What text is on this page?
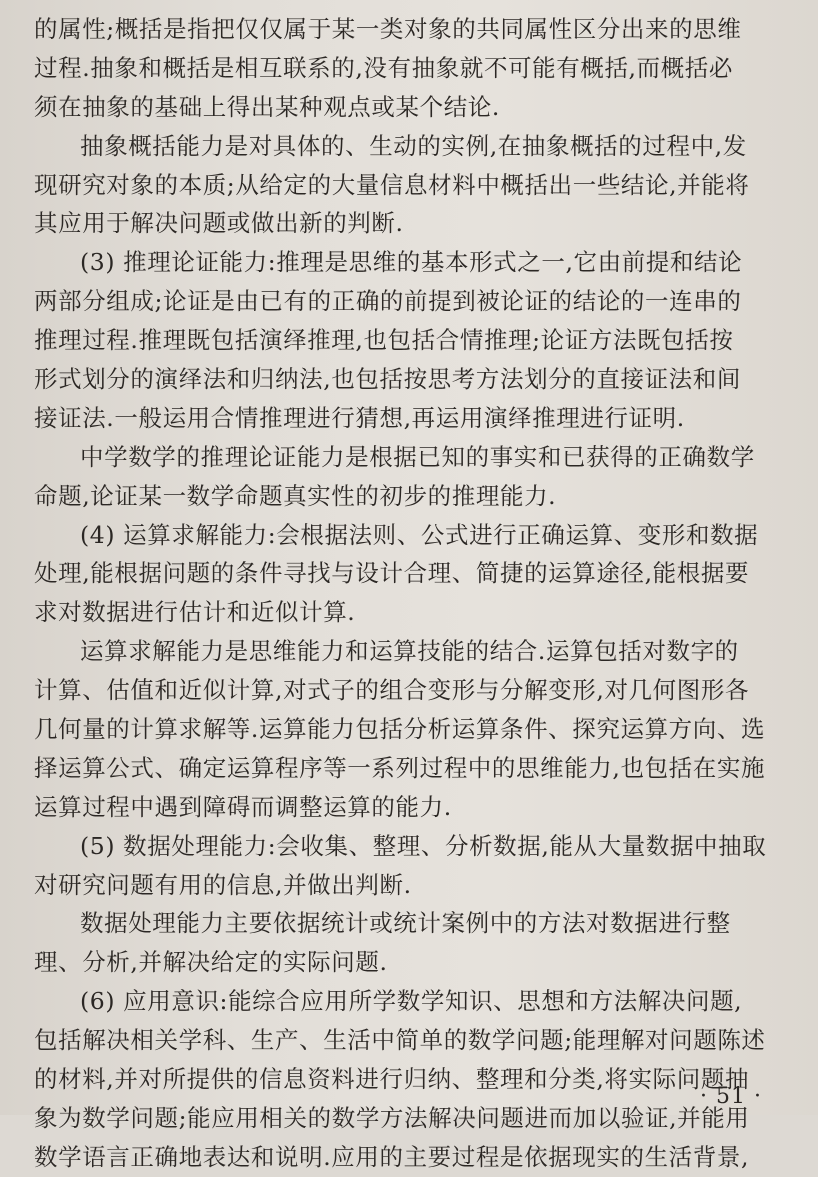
的属性;概括是指把仅仅属于某一类对象的共同属性区分出来的思维
过程.抽象和概括是相互联系的,没有抽象就不可能有概括,而概括必
须在抽象的基础上得出某种观点或某个结论.
抽象概括能力是对具体的、生动的实例,在抽象概括的过程中,发
现研究对象的本质;从给定的大量信息材料中概括出一些结论,并能将
其应用于解决问题或做出新的判断.
(3) 推理论证能力:推理是思维的基本形式之一,它由前提和结论
两部分组成;论证是由已有的正确的前提到被论证的结论的一连串的
推理过程.推理既包括演绎推理,也包括合情推理;论证方法既包括按
形式划分的演绎法和归纳法,也包括按思考方法划分的直接证法和间
接证法.一般运用合情推理进行猜想,再运用演绎推理进行证明.
中学数学的推理论证能力是根据已知的事实和已获得的正确数学
命题,论证某一数学命题真实性的初步的推理能力.
(4) 运算求解能力:会根据法则、公式进行正确运算、变形和数据
处理,能根据问题的条件寻找与设计合理、简捷的运算途径,能根据要
求对数据进行估计和近似计算.
运算求解能力是思维能力和运算技能的结合.运算包括对数字的
计算、估值和近似计算,对式子的组合变形与分解变形,对几何图形各
几何量的计算求解等.运算能力包括分析运算条件、探究运算方向、选
择运算公式、确定运算程序等一系列过程中的思维能力,也包括在实施
运算过程中遇到障碍而调整运算的能力.
(5) 数据处理能力:会收集、整理、分析数据,能从大量数据中抽取
对研究问题有用的信息,并做出判断.
数据处理能力主要依据统计或统计案例中的方法对数据进行整
理、分析,并解决给定的实际问题.
(6) 应用意识:能综合应用所学数学知识、思想和方法解决问题,
包括解决相关学科、生产、生活中简单的数学问题;能理解对问题陈述
的材料,并对所提供的信息资料进行归纳、整理和分类,将实际问题抽
象为数学问题;能应用相关的数学方法解决问题进而加以验证,并能用
数学语言正确地表达和说明.应用的主要过程是依据现实的生活背景,
· 51 ·
